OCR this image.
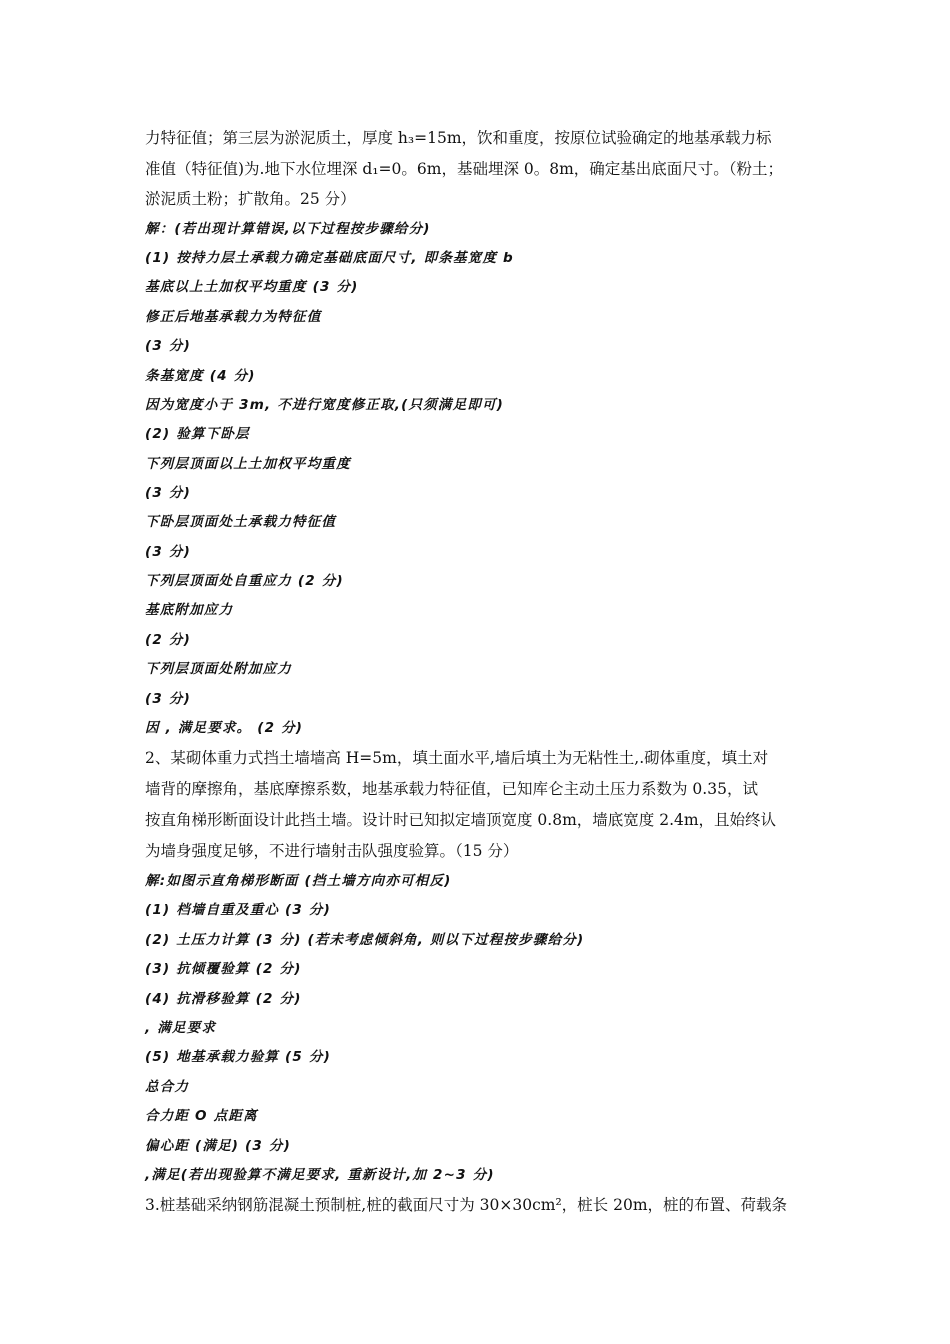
力特征值；第三层为淤泥质土，厚度 h₃=15m，饮和重度，按原位试验确定的地基承载力标
准值（特征值)为.地下水位埋深 d₁=0。6m，基础埋深 0。8m，确定基出底面尺寸。（粉土；
淤泥质土粉；扩散角。25 分）
解：(若出现计算错误,以下过程按步骤给分)
(1) 按持力层土承载力确定基础底面尺寸, 即条基宽度 b
基底以上土加权平均重度 (3 分)
修正后地基承载力为特征值
(3 分)
条基宽度 (4 分)
因为宽度小于 3m, 不进行宽度修正取,(只须满足即可)
(2) 验算下卧层
下列层顶面以上土加权平均重度
(3 分)
下卧层顶面处土承载力特征值
(3 分)
下列层顶面处自重应力 (2 分)
基底附加应力
(2 分)
下列层顶面处附加应力
(3 分)
因 , 满足要求。 (2 分)
2、某砌体重力式挡土墙墙高 H=5m，填土面水平,墙后填土为无粘性土,.砌体重度，填土对
墙背的摩擦角，基底摩擦系数，地基承载力特征值，已知库仑主动土压力系数为 0.35，试
按直角梯形断面设计此挡土墙。设计时已知拟定墙顶宽度 0.8m，墙底宽度 2.4m，且始终认
为墙身强度足够，不进行墙射击队强度验算。（15 分）
解:如图示直角梯形断面 (挡土墙方向亦可相反)
(1) 档墙自重及重心 (3 分)
(2) 土压力计算 (3 分) (若未考虑倾斜角, 则以下过程按步骤给分)
(3) 抗倾覆验算 (2 分)
(4) 抗滑移验算 (2 分)
, 满足要求
(5) 地基承载力验算 (5 分)
总合力
合力距 O 点距离
偏心距 (满足) (3 分)
,满足(若出现验算不满足要求, 重新设计,加 2~3 分)
3.桩基础采纳钢筋混凝土预制桩,桩的截面尺寸为 30×30cm²，桩长 20m，桩的布置、荷载条
